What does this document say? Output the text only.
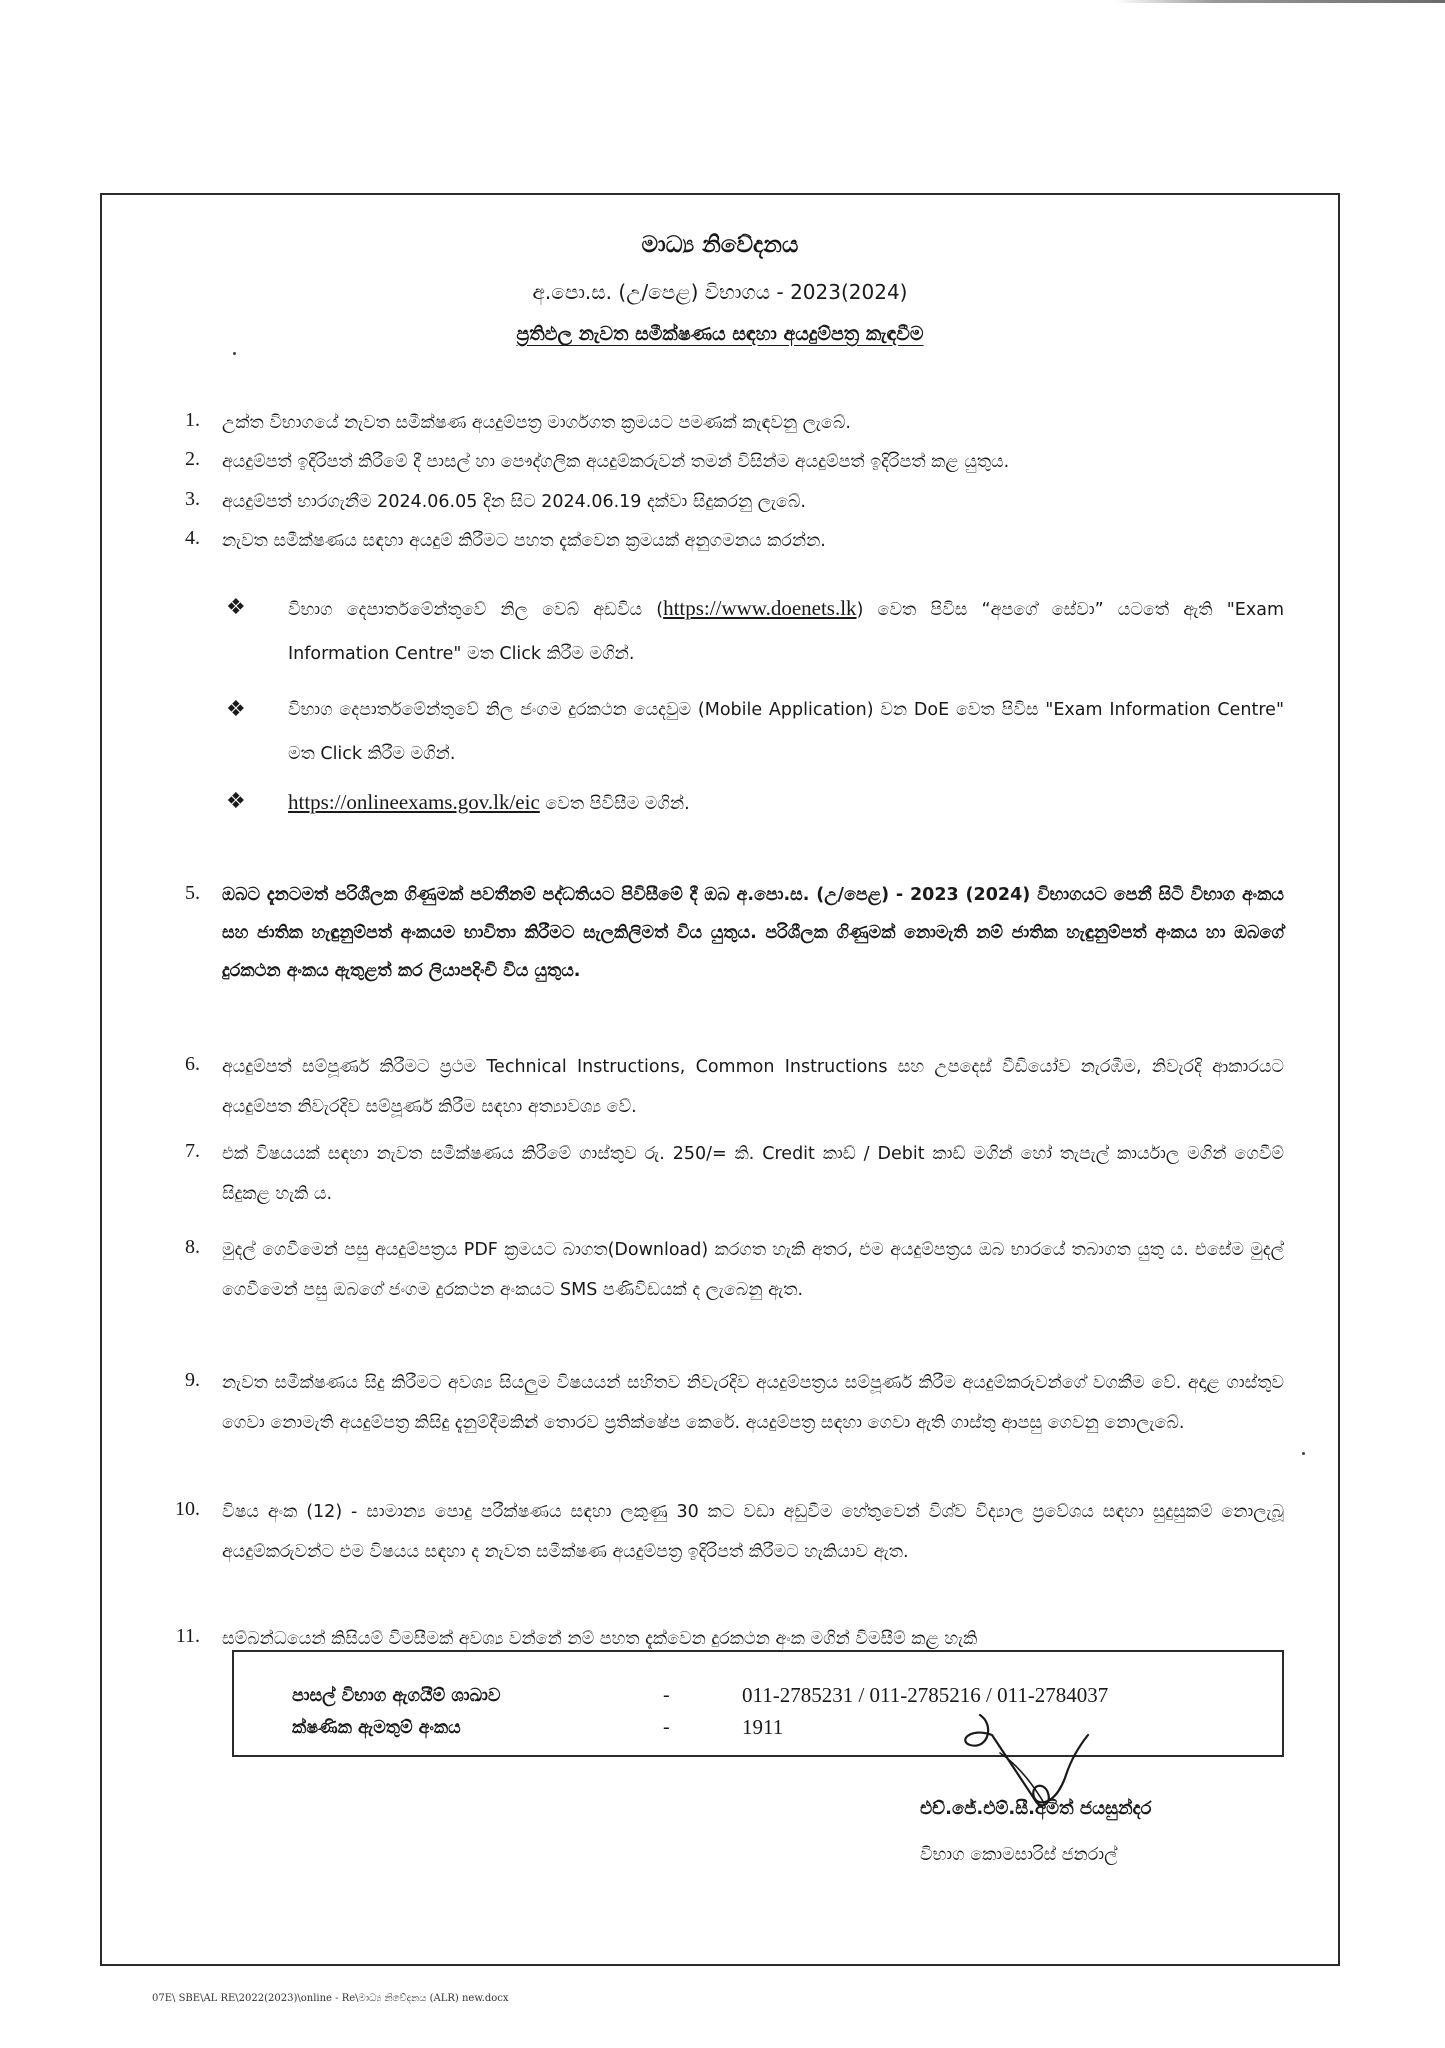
මාධ්‍ය නිවේදනය
අ.පො.ස. (උ/පෙළ) විභාගය - 2023(2024)
ප්‍රතිඵල නැවත සමීක්ෂණය සඳහා අයදුම්පත්‍ර කැඳවීම
1. උක්ත විභාගයේ නැවත සමීක්ෂණ අයදුම්පත්‍ර මාර්ගගත ක්‍රමයට පමණක් කැඳවනු ලැබේ.
2. අයදුම්පත් ඉදිරිපත් කිරීමේ දී පාසල් හා පෞද්ගලික අයදුම්කරුවන් තමන් විසින්ම අයදුම්පත් ඉදිරිපත් කළ යුතුය.
3. අයදුම්පත් භාරගැනීම 2024.06.05 දින සිට 2024.06.19 දක්වා සිදුකරනු ලැබේ.
4. නැවත සමීක්ෂණය සඳහා අයදුම් කිරීමට පහත දැක්වෙන ක්‍රමයක් අනුගමනය කරන්න.
❖	විභාග දෙපාර්තමේන්තුවේ නිල වෙබ් අඩවිය (https://www.doenets.lk) වෙත පිවිස “අපගේ සේවා” යටතේ ඇති "Exam Information Centre" මත Click කිරීම මගින්.
❖	විභාග දෙපාර්තමේන්තුවේ නිල ජංගම දුරකථන යෙදවුම (Mobile Application) වන DoE වෙත පිවිස "Exam Information Centre" මත Click කිරීම මගින්.
❖	https://onlineexams.gov.lk/eic වෙත පිවිසීම මගින්.
5. ඔබට දැනටමත් පරිශීලක ගිණුමක් පවතීනම් පද්ධතියට පිවිසීමේ දී ඔබ අ.පො.ස. (උ/පෙළ) - 2023 (2024) විභාගයට පෙනී සිටි විභාග අංකය සහ ජාතික හැඳුනුම්පත් අංකයම භාවිතා කිරීමට සැලකිලිමත් විය යුතුය. පරිශීලක ගිණුමක් නොමැති නම් ජාතික හැඳුනුම්පත් අංකය හා ඔබගේ දුරකථන අංකය ඇතුළත් කර ලියාපදිංචි විය යුතුය.
6. අයදුම්පත් සම්පූර්ණ කිරීමට ප්‍රථම Technical Instructions, Common Instructions සහ උපදෙස් වීඩියෝව නැරඹීම, නිවැරදි ආකාරයට අයදුම්පත නිවැරදිව සම්පූර්ණ කිරීම සඳහා අත්‍යාවශ්‍ය වේ.
7. එක් විෂයයක් සඳහා නැවත සමීක්ෂණය කිරීමේ ගාස්තුව රු. 250/= කි. Credit කාඩ් / Debit කාඩ් මගින් හෝ තැපැල් කාර්යාල මගින් ගෙවීම් සිදුකළ හැකි ය.
8. මුදල් ගෙවීමෙන් පසු අයදුම්පත්‍රය PDF ක්‍රමයට බාගත(Download) කරගත හැකි අතර, එම අයදුම්පත්‍රය ඔබ භාරයේ තබාගත යුතු ය. එසේම මුදල් ගෙවීමෙන් පසු ඔබගේ ජංගම දුරකථන අංකයට SMS පණිවිඩයක් ද ලැබෙනු ඇත.
9. නැවත සමීක්ෂණය සිදු කිරීමට අවශ්‍ය සියලුම විෂයයන් සහිතව නිවැරදිව අයදුම්පත්‍රය සම්පූර්ණ කිරීම අයදුම්කරුවන්ගේ වගකීම වේ. අදාළ ගාස්තුව ගෙවා නොමැති අයදුම්පත්‍ර කිසිදු දැනුම්දීමකින් තොරව ප්‍රතික්ෂේප කෙරේ. අයදුම්පත්‍ර සඳහා ගෙවා ඇති ගාස්තු ආපසු ගෙවනු නොලැබේ.
10. විෂය අංක (12) - සාමාන්‍ය පොදු පරීක්ෂණය සඳහා ලකුණු 30 කට වඩා අඩුවීම හේතුවෙන් විශ්ව විද්‍යාල ප්‍රවේශය සඳහා සුදුසුකම් නොලැබූ අයදුම්කරුවන්ට එම විෂයය සඳහා ද නැවත සමීක්ෂණ අයදුම්පත්‍ර ඉදිරිපත් කිරීමට හැකියාව ඇත.
11. සම්බන්ධයෙන් කිසියම් විමසීමක් අවශ්‍ය වන්නේ නම් පහත දැක්වෙන දුරකථන අංක මගින් විමසීම් කළ හැකි
පාසල් විභාග ඇගයීම් ශාඛාව	-	011-2785231 / 011-2785216 / 011-2784037
ක්ෂණික ඇමතුම් අංකය	-	1911
එච්.ජේ.එම්.සී.අමිත් ජයසුන්දර
විභාග කොමසාරිස් ජනරාල්
07E\ SBE\AL RE\2022(2023)\online - Re\මාධ්‍ය නිවේදනය (ALR) new.docx
